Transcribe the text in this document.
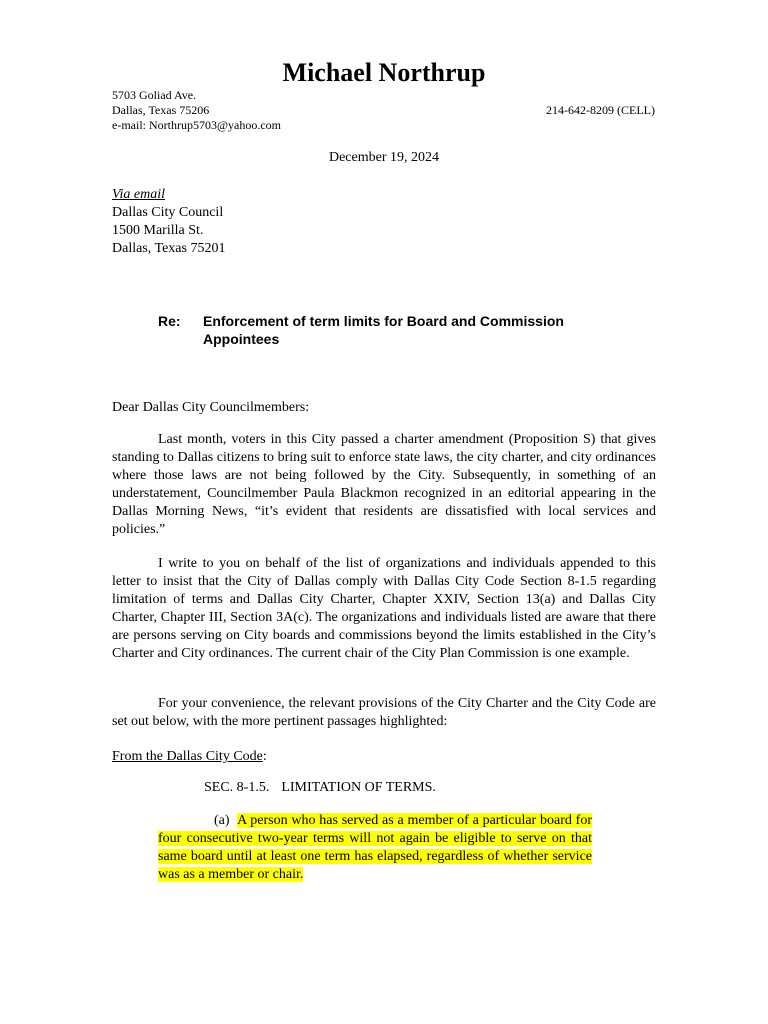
Michael Northrup
5703 Goliad Ave.
Dallas, Texas 75206
e-mail: Northrup5703@yahoo.com
214-642-8209 (CELL)
December 19, 2024
Via email
Dallas City Council
1500 Marilla St.
Dallas, Texas 75201
Re: Enforcement of term limits for Board and Commission
Appointees
Dear Dallas City Councilmembers:
Last month, voters in this City passed a charter amendment (Proposition S) that gives standing to Dallas citizens to bring suit to enforce state laws, the city charter, and city ordinances where those laws are not being followed by the City. Subsequently, in something of an understatement, Councilmember Paula Blackmon recognized in an editorial appearing in the Dallas Morning News, “it’s evident that residents are dissatisfied with local services and policies.”
I write to you on behalf of the list of organizations and individuals appended to this letter to insist that the City of Dallas comply with Dallas City Code Section 8-1.5 regarding limitation of terms and Dallas City Charter, Chapter XXIV, Section 13(a) and Dallas City Charter, Chapter III, Section 3A(c). The organizations and individuals listed are aware that there are persons serving on City boards and commissions beyond the limits established in the City’s Charter and City ordinances. The current chair of the City Plan Commission is one example.
For your convenience, the relevant provisions of the City Charter and the City Code are set out below, with the more pertinent passages highlighted:
From the Dallas City Code:
SEC. 8-1.5. LIMITATION OF TERMS.
(a) A person who has served as a member of a particular board for four consecutive two-year terms will not again be eligible to serve on that same board until at least one term has elapsed, regardless of whether service was as a member or chair.
